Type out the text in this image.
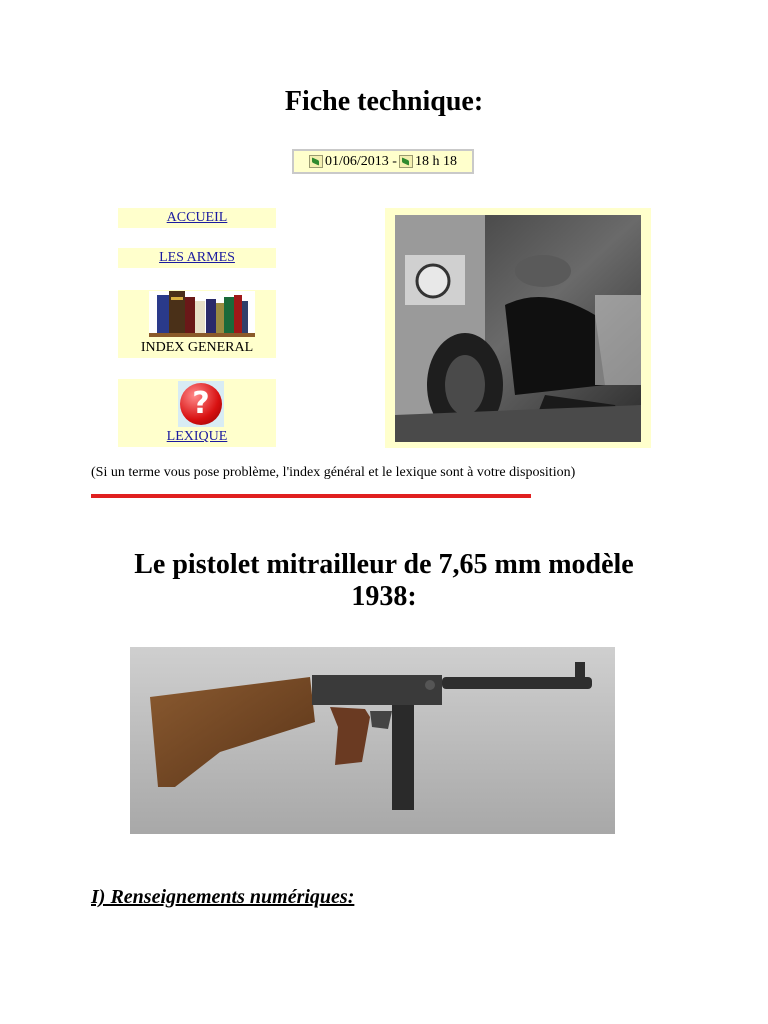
Fiche technique:
01/06/2013 - 18 h 18
ACCUEIL
LES ARMES
INDEX GENERAL
?
LEXIQUE
(Si un terme vous pose problème, l'index général et le lexique sont à votre disposition)
Le pistolet mitrailleur de 7,65 mm modèle
1938:
I) Renseignements numériques:
